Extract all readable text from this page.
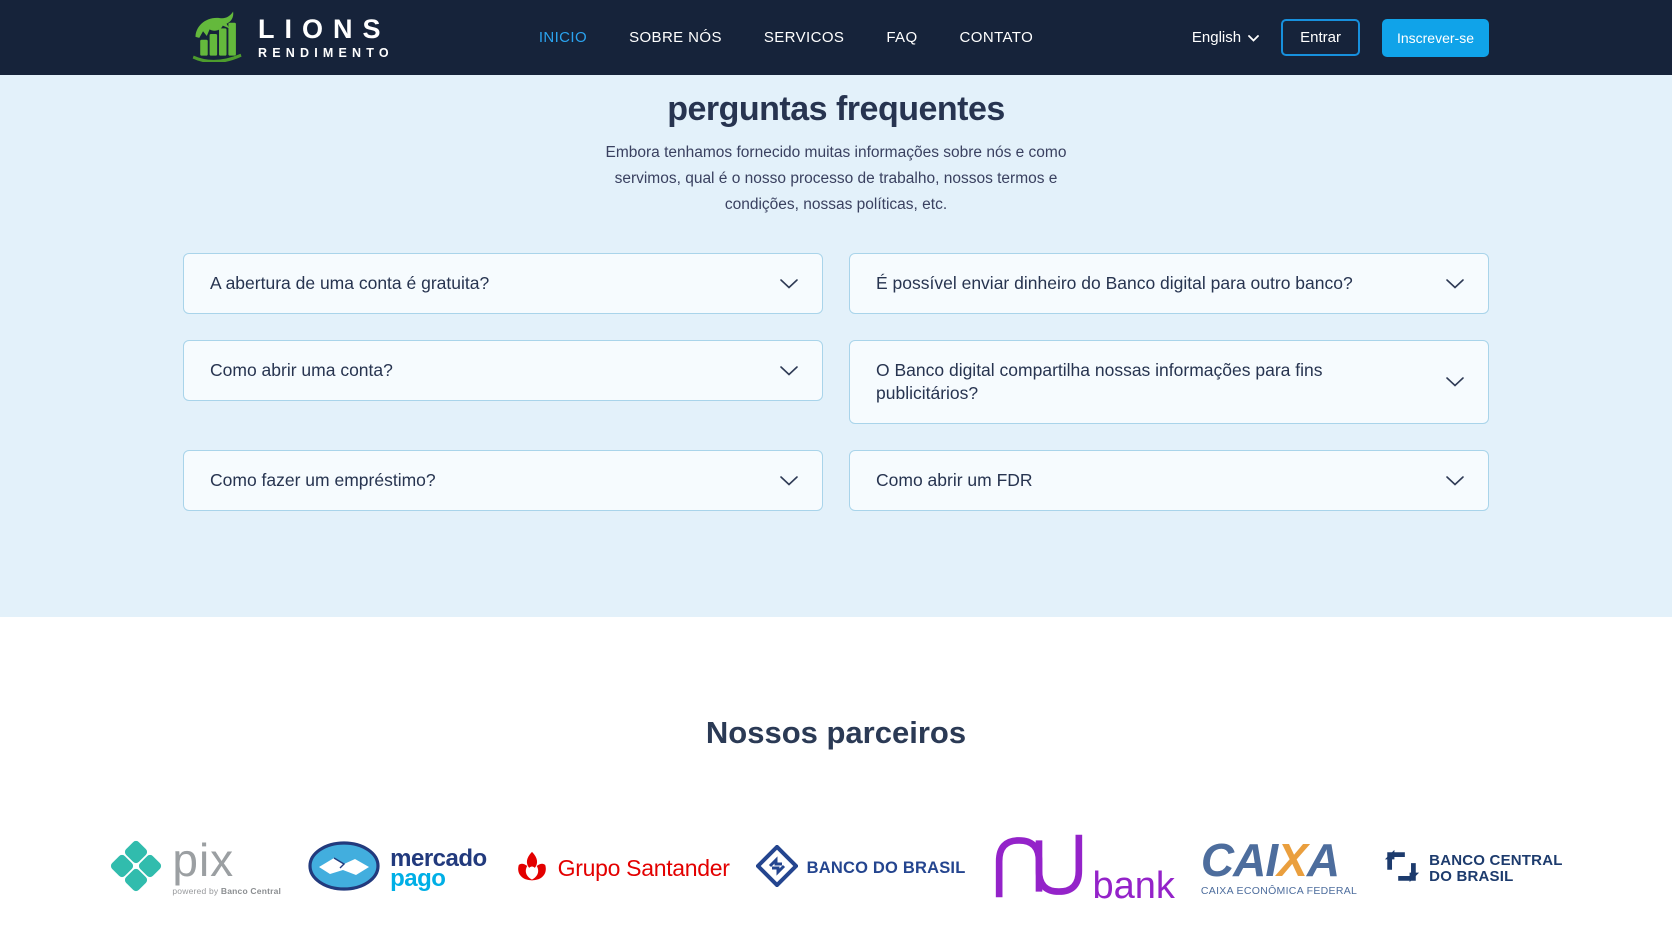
LIONS
RENDIMENTO
INICIO	SOBRE NÓS	SERVICOS	FAQ	CONTATO	English	Entrar	Inscrever-se
perguntas frequentes

Embora tenhamos fornecido muitas informações sobre nós e como servimos, qual é o nosso processo de trabalho, nossos termos e condições, nossas políticas, etc.

A abertura de uma conta é gratuita?	É possível enviar dinheiro do Banco digital para outro banco?
Como abrir uma conta?	O Banco digital compartilha nossas informações para fins publicitários?
Como fazer um empréstimo?	Como abrir um FDR
Nossos parceiros
pix
powered by Banco Central
mercado
pago	Grupo Santander	BANCO DO BRASIL	bank CAIXA
CAIXA ECONÔMICA FEDERAL
BANCO CENTRAL
DO BRASIL
